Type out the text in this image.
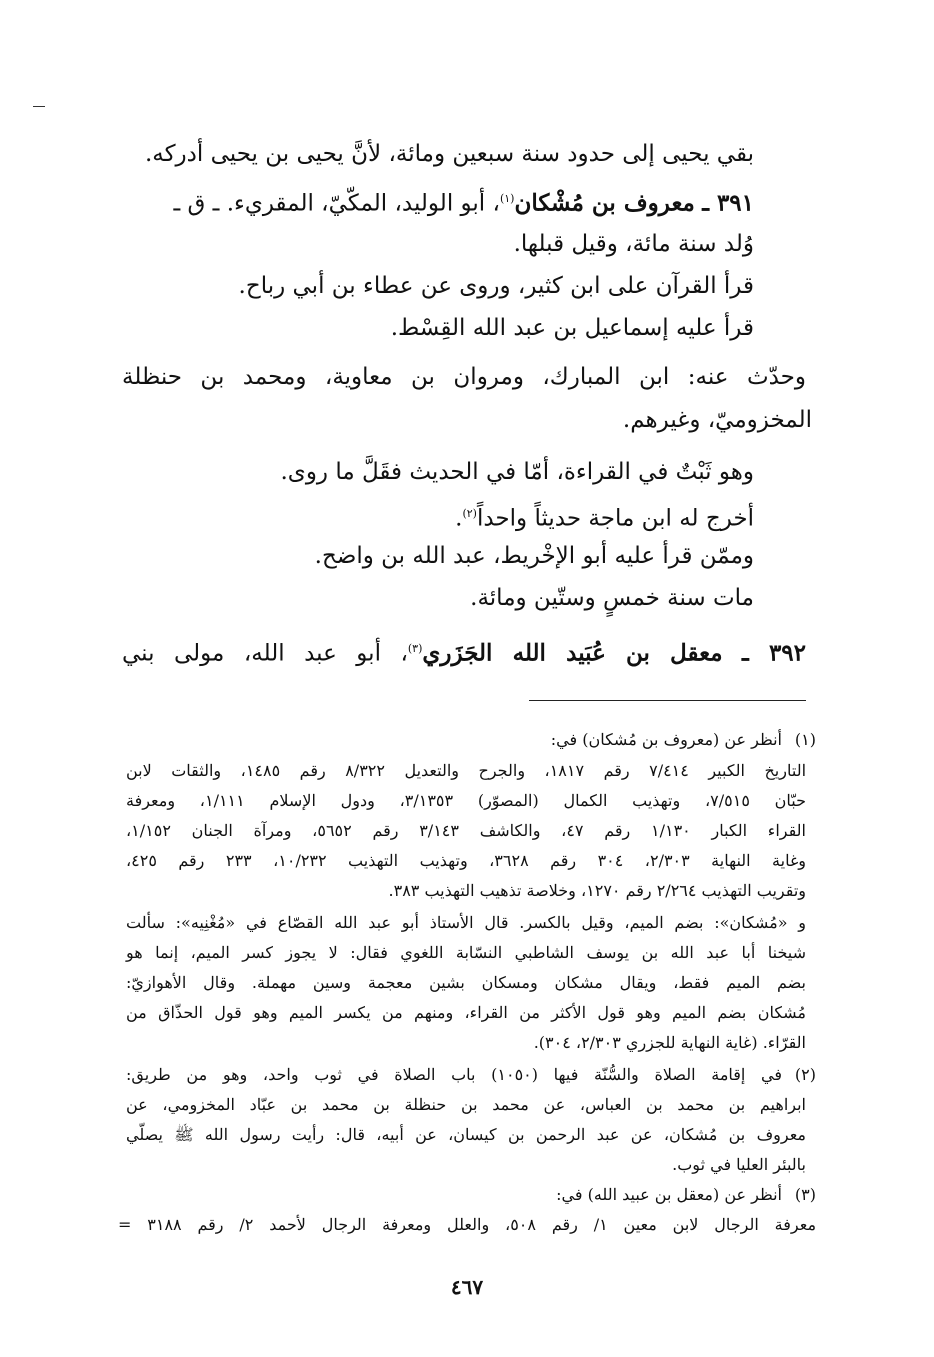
بقي يحيى إلى حدود سنة سبعين ومائة، لأنَّ يحيى بن يحيى أدركه.
٣٩١ ـ معروف بن مُشْكان$^{(١)}$، أبو الوليد، المكّيّ، المقريء. ـ ق ـ
وُلد سنة مائة، وقيل قبلها.
قرأ القرآن على ابن كثير، وروى عن عطاء بن أبي رباح.
قرأ عليه إسماعيل بن عبد الله القِسْط.
وحدّث عنه: ابن المبارك، ومروان بن معاوية، ومحمد بن حنظلة
المخزوميّ، وغيرهم.
وهو ثَبْتٌ في القراءة، أمّا في الحديث فقَلَّ ما روى.
أخرج له ابن ماجة حديثاً واحداً$^{(٢)}$.
وممّن قرأ عليه أبو الإخْريط، عبد الله بن واضح.
مات سنة خمسٍ وستّين ومائة.
٣٩٢ ـ معقل بن عُبَيد الله الجَزَري$^{(٣)}$، أبو عبد الله، مولى بني
(١)
أنظر عن (معروف بن مُشكان) في:
التاريخ الكبير ٧/٤١٤ رقم ١٨١٧، والجرح والتعديل ٨/٣٢٢ رقم ١٤٨٥، والثقات لابن
حبّان ٧/٥١٥، وتهذيب الكمال (المصوّر) ٣/١٣٥٣، ودول الإسلام ١/١١١، ومعرفة
القراء الكبار ١/١٣٠ رقم ٤٧، والكاشف ٣/١٤٣ رقم ٥٦٥٢، ومرآة الجنان ١/١٥٢،
وغاية النهاية ٢/٣٠٣، ٣٠٤ رقم ٣٦٢٨، وتهذيب التهذيب ١٠/٢٣٢، ٢٣٣ رقم ٤٢٥،
وتقريب التهذيب ٢/٢٦٤ رقم ١٢٧٠، وخلاصة تذهيب التهذيب ٣٨٣.
و «مُشكان»: بضم الميم، وقيل بالكسر. قال الأستاذ أبو عبد الله القصّاع في «مُغْنِيه»: سألت
شيخنا أبا عبد الله بن يوسف الشاطبي النسّابة اللغوي فقال: لا يجوز كسر الميم، إنما هو
بضم الميم فقط، ويقال مشكان ومسكان بشين معجمة وسين مهملة. وقال الأهوازيّ:
مُشكان بضم الميم وهو قول الأكثر من القراء، ومنهم من يكسر الميم وهو قول الحذّاق من
القرّاء. (غاية النهاية للجزري ٢/٣٠٣، ٣٠٤).
(٢)
في إقامة الصلاة والسُّنّة فيها (١٠٥٠) باب الصلاة في ثوب واحد، وهو من طريق:
ابراهيم بن محمد بن العباس، عن محمد بن حنظلة بن محمد بن عبّاد المخزومي، عن
معروف بن مُشكان، عن عبد الرحمن بن كيسان، عن أبيه، قال: رأيت رسول الله ﷺ يصلّي
بالبئر العليا في ثوب.
(٣)
أنظر عن (معقل بن عبيد الله) في:
معرفة الرجال لابن معين ١/ رقم ٥٠٨، والعلل ومعرفة الرجال لأحمد ٢/ رقم ٣١٨٨ =
٤٦٧
